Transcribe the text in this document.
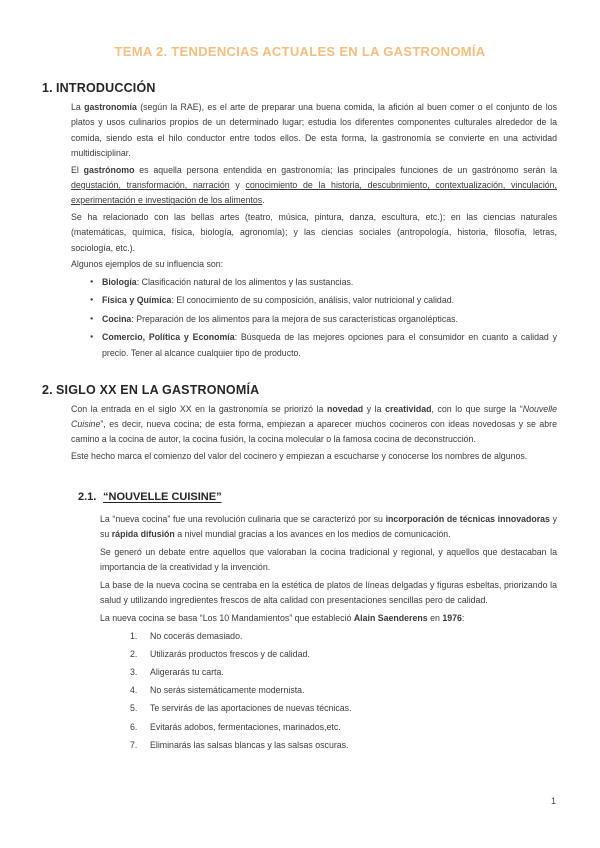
TEMA 2. TENDENCIAS ACTUALES EN LA GASTRONOMÍA
1. INTRODUCCIÓN
La gastronomía (según la RAE), es el arte de preparar una buena comida, la afición al buen comer o el conjunto de los platos y usos culinarios propios de un determinado lugar; estudia los diferentes componentes culturales alrededor de la comida, siendo esta el hilo conductor entre todos ellos. De esta forma, la gastronomía se convierte en una actividad multidisciplinar.
El gastrónomo es aquella persona entendida en gastronomía; las principales funciones de un gastrónomo serán la degustación, transformación, narración y conocimiento de la historia, descubrimiento, contextualización, vinculación, experimentación e investigación de los alimentos.
Se ha relacionado con las bellas artes (teatro, música, pintura, danza, escultura, etc.); en las ciencias naturales (matemáticas, química, física, biología, agronomía); y las ciencias sociales (antropología, historia, filosofía, letras, sociología, etc.).
Algunos ejemplos de su influencia son:
● Biología: Clasificación natural de los alimentos y las sustancias.
● Física y Química: El conocimiento de su composición, análisis, valor nutricional y calidad.
● Cocina: Preparación de los alimentos para la mejora de sus características organolépticas.
● Comercio, Política y Economía: Búsqueda de las mejores opciones para el consumidor en cuanto a calidad y precio. Tener al alcance cualquier tipo de producto.
2. SIGLO XX EN LA GASTRONOMÍA
Con la entrada en el siglo XX en la gastronomía se priorizó la novedad y la creatividad, con lo que surge la “Nouvelle Cuisine”, es decir, nueva cocina; de esta forma, empiezan a aparecer muchos cocineros con ideas novedosas y se abre camino a la cocina de autor, la cocina fusión, la cocina molecular o la famosa cocina de deconstrucción.
Este hecho marca el comienzo del valor del cocinero y empiezan a escucharse y conocerse los nombres de algunos.
2.1. “NOUVELLE CUISINE”
La “nueva cocina” fue una revolución culinaria que se caracterizó por su incorporación de técnicas innovadoras y su rápida difusión a nivel mundial gracias a los avances en los medios de comunicación.
Se generó un debate entre aquellos que valoraban la cocina tradicional y regional, y aquellos que destacaban la importancia de la creatividad y la invención.
La base de la nueva cocina se centraba en la estética de platos de líneas delgadas y figuras esbeltas, priorizando la salud y utilizando ingredientes frescos de alta calidad con presentaciones sencillas pero de calidad.
La nueva cocina se basa “Los 10 Mandamientos” que estableció Alain Saenderens en 1976:
1.	No cocerás demasiado.
2.	Utilizarás productos frescos y de calidad.
3.	Aligerarás tu carta.
4.	No serás sistemáticamente modernista.
5.	Te servirás de las aportaciones de nuevas técnicas.
6.	Evitarás adobos, fermentaciones, marinados,etc.
7.	Eliminarás las salsas blancas y las salsas oscuras.
1
